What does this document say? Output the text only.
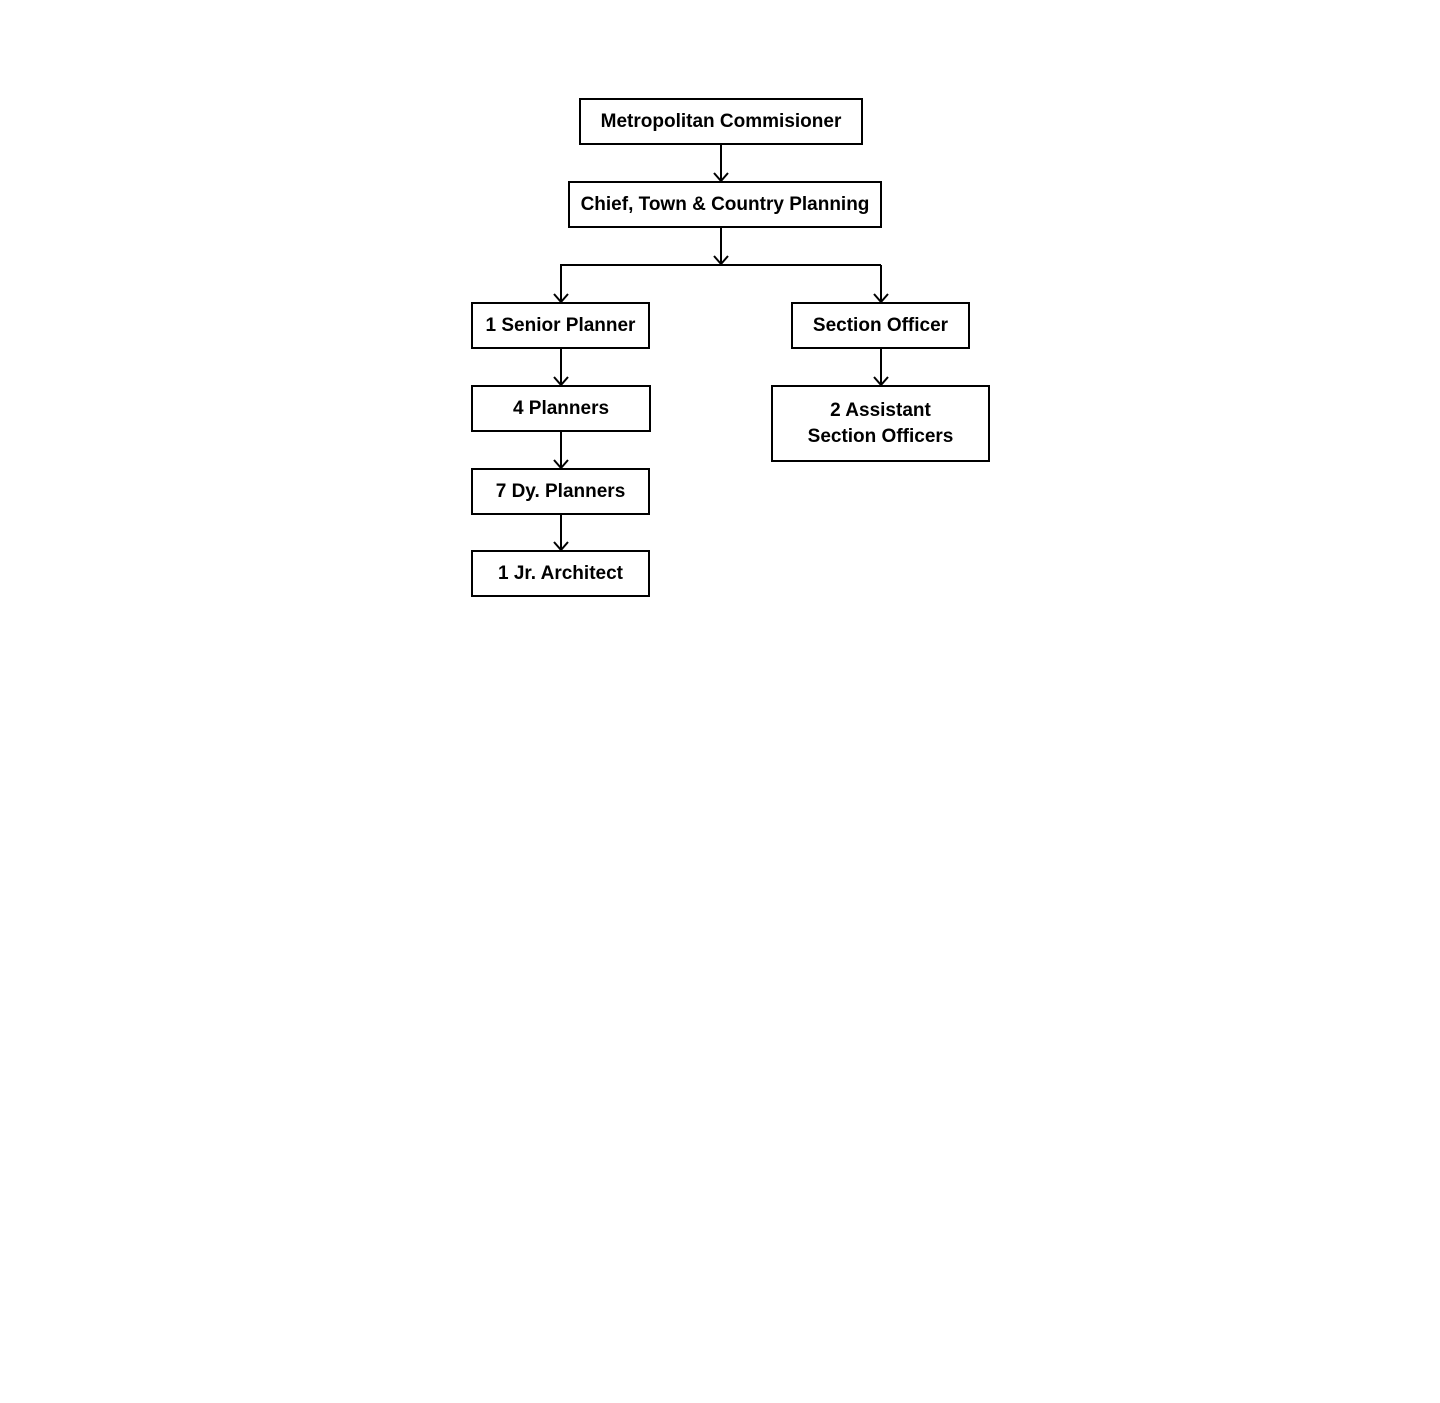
Metropolitan Commisioner
Chief, Town & Country Planning
1 Senior Planner
4 Planners
7 Dy. Planners
1 Jr. Architect
Section Officer
2 Assistant
Section Officers
